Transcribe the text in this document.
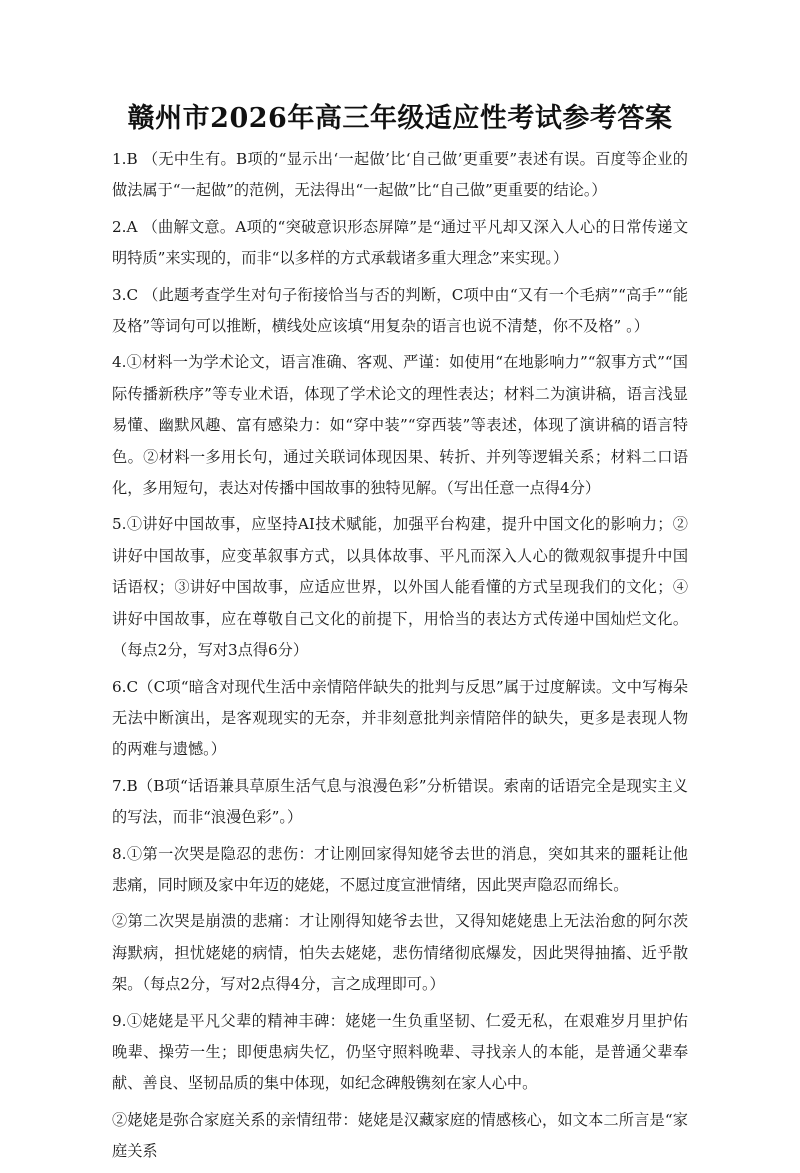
赣州市2026年高三年级适应性考试参考答案

1.B （无中生有。B项的“显示出‘一起做’比‘自己做’更重要”表述有误。百度等企业的做法属于“一起做”的范例，无法得出“一起做”比“自己做”更重要的结论。）

2.A （曲解文意。A项的“突破意识形态屏障”是“通过平凡却又深入人心的日常传递文明特质”来实现的，而非“以多样的方式承载诸多重大理念”来实现。）

3.C （此题考查学生对句子衔接恰当与否的判断，C项中由“又有一个毛病”“高手”“能及格”等词句可以推断，横线处应该填“用复杂的语言也说不清楚，你不及格” 。）

4.①材料一为学术论文，语言准确、客观、严谨：如使用“在地影响力”“叙事方式”“国际传播新秩序”等专业术语，体现了学术论文的理性表达；材料二为演讲稿，语言浅显易懂、幽默风趣、富有感染力：如“穿中装”“穿西装”等表述，体现了演讲稿的语言特色。②材料一多用长句，通过关联词体现因果、转折、并列等逻辑关系；材料二口语化，多用短句，表达对传播中国故事的独特见解。（写出任意一点得4分）

5.①讲好中国故事，应坚持AI技术赋能，加强平台构建，提升中国文化的影响力；②讲好中国故事，应变革叙事方式，以具体故事、平凡而深入人心的微观叙事提升中国话语权；③讲好中国故事，应适应世界，以外国人能看懂的方式呈现我们的文化；④讲好中国故事，应在尊敬自己文化的前提下，用恰当的表达方式传递中国灿烂文化。（每点2分，写对3点得6分）

6.C（C项“暗含对现代生活中亲情陪伴缺失的批判与反思”属于过度解读。文中写梅朵无法中断演出，是客观现实的无奈，并非刻意批判亲情陪伴的缺失，更多是表现人物的两难与遗憾。）

7.B（B项“话语兼具草原生活气息与浪漫色彩”分析错误。索南的话语完全是现实主义的写法，而非“浪漫色彩”。）

8.①第一次哭是隐忍的悲伤：才让刚回家得知姥爷去世的消息，突如其来的噩耗让他悲痛，同时顾及家中年迈的姥姥，不愿过度宣泄情绪，因此哭声隐忍而绵长。

②第二次哭是崩溃的悲痛：才让刚得知姥爷去世，又得知姥姥患上无法治愈的阿尔茨海默病，担忧姥姥的病情，怕失去姥姥，悲伤情绪彻底爆发，因此哭得抽搐、近乎散架。（每点2分，写对2点得4分，言之成理即可。）

9.①姥姥是平凡父辈的精神丰碑：姥姥一生负重坚韧、仁爱无私，在艰难岁月里护佑晚辈、操劳一生；即便患病失忆，仍坚守照料晚辈、寻找亲人的本能，是普通父辈奉献、善良、坚韧品质的集中体现，如纪念碑般镌刻在家人心中。

②姥姥是弥合家庭关系的亲情纽带：姥姥是汉藏家庭的情感核心，如文本二所言是“家庭关系
